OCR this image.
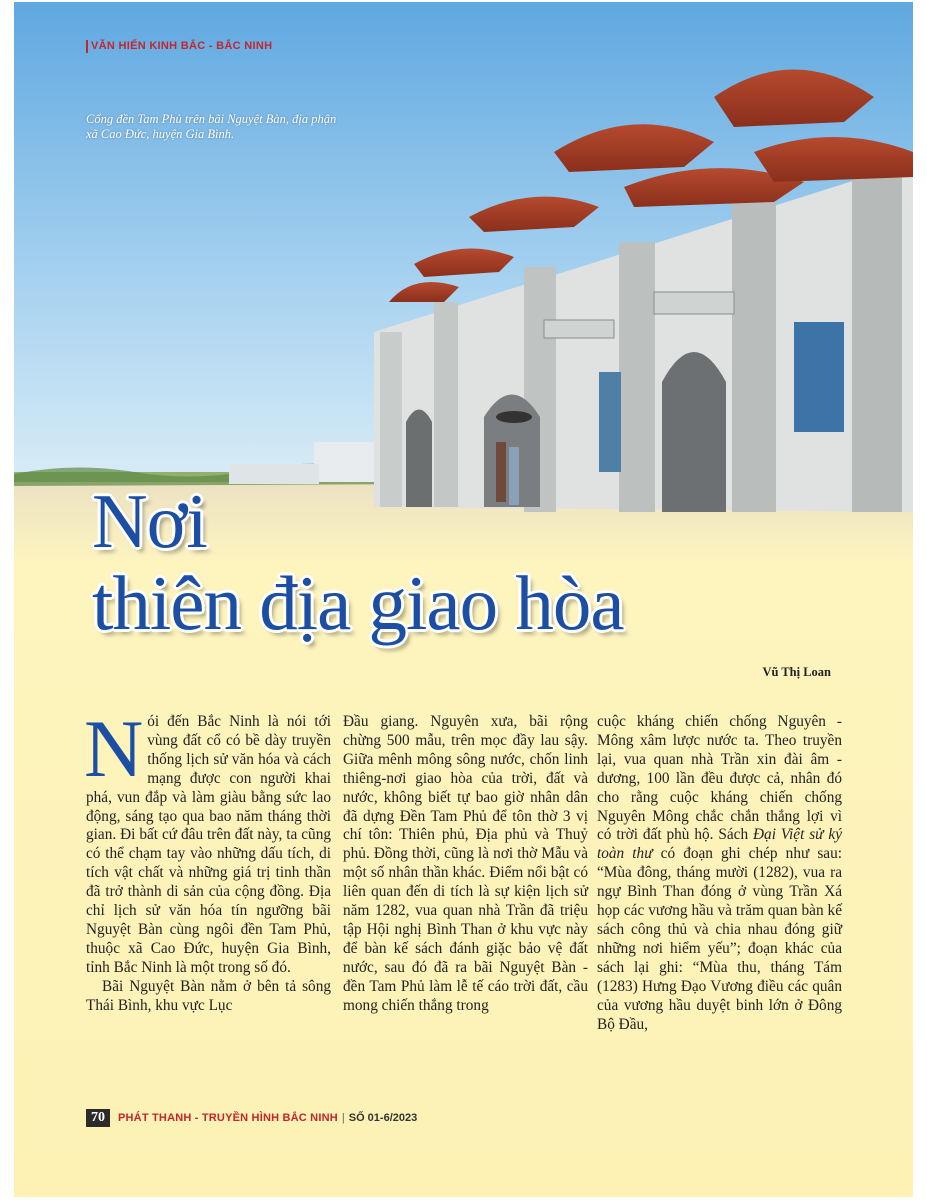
VĂN HIẾN KINH BẮC - BẮC NINH
Cổng đền Tam Phủ trên bãi Nguyệt Bàn, địa phận xã Cao Đức, huyện Gia Bình.
Nơi
thiên địa giao hòa
Vũ Thị Loan

Nói đến Bắc Ninh là nói tới vùng đất cổ có bề dày truyền thống lịch sử văn hóa và cách mạng được con người khai phá, vun đắp và làm giàu bằng sức lao động, sáng tạo qua bao năm tháng thời gian. Đi bất cứ đâu trên đất này, ta cũng có thể chạm tay vào những dấu tích, di tích vật chất và những giá trị tinh thần đã trở thành di sản của cộng đồng. Địa chỉ lịch sử văn hóa tín ngưỡng bãi Nguyệt Bàn cùng ngôi đền Tam Phủ, thuộc xã Cao Đức, huyện Gia Bình, tỉnh Bắc Ninh là một trong số đó.

Bãi Nguyệt Bàn nằm ở bên tả sông Thái Bình, khu vực Lục

Đầu giang. Nguyên xưa, bãi rộng chừng 500 mẫu, trên mọc đầy lau sậy. Giữa mênh mông sông nước, chốn linh thiêng-nơi giao hòa của trời, đất và nước, không biết tự bao giờ nhân dân đã dựng Đền Tam Phủ để tôn thờ 3 vị chí tôn: Thiên phủ, Địa phủ và Thuỷ phủ. Đồng thời, cũng là nơi thờ Mẫu và một số nhân thần khác. Điểm nổi bật có liên quan đến di tích là sự kiện lịch sử năm 1282, vua quan nhà Trần đã triệu tập Hội nghị Bình Than ở khu vực này để bàn kế sách đánh giặc bảo vệ đất nước, sau đó đã ra bãi Nguyệt Bàn - đền Tam Phủ làm lễ tế cáo trời đất, cầu mong chiến thắng trong

cuộc kháng chiến chống Nguyên - Mông xâm lược nước ta. Theo truyền lại, vua quan nhà Trần xin đài âm - dương, 100 lần đều được cả, nhân đó cho rằng cuộc kháng chiến chống Nguyên Mông chắc chắn thắng lợi vì có trời đất phù hộ. Sách Đại Việt sử ký toàn thư có đoạn ghi chép như sau: “Mùa đông, tháng mười (1282), vua ra ngự Bình Than đóng ở vùng Trần Xá họp các vương hầu và trăm quan bàn kế sách công thủ và chia nhau đóng giữ những nơi hiểm yếu”; đoạn khác của sách lại ghi: “Mùa thu, tháng Tám (1283) Hưng Đạo Vương điều các quân của vương hầu duyệt binh lớn ở Đông Bộ Đầu,

70	PHÁT THANH - TRUYỀN HÌNH BẮC NINH | SỐ 01-6/2023
